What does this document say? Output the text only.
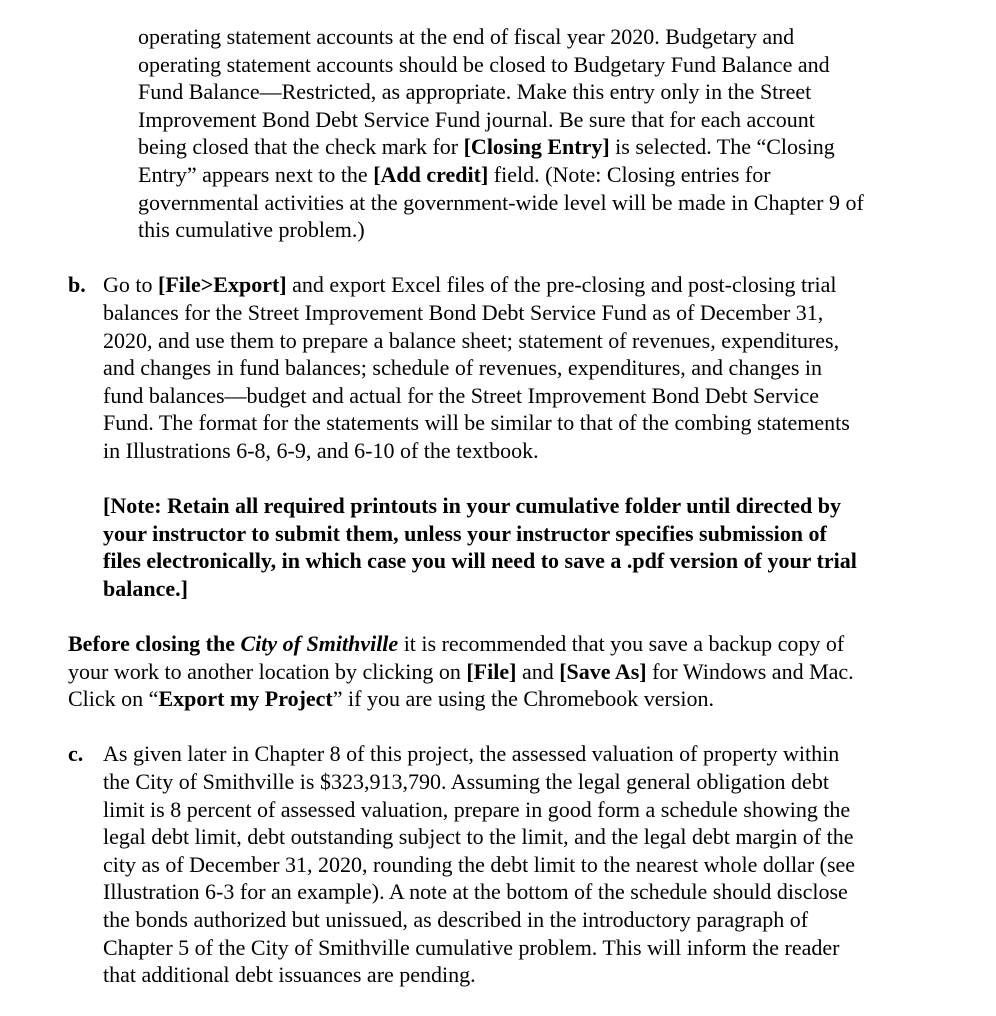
operating statement accounts at the end of fiscal year 2020. Budgetary and
operating statement accounts should be closed to Budgetary Fund Balance and
Fund Balance—Restricted, as appropriate. Make this entry only in the Street
Improvement Bond Debt Service Fund journal. Be sure that for each account
being closed that the check mark for [Closing Entry] is selected. The “Closing
Entry” appears next to the [Add credit] field. (Note: Closing entries for
governmental activities at the government-wide level will be made in Chapter 9 of
this cumulative problem.)
b. Go to [File>Export] and export Excel files of the pre-closing and post-closing trial
balances for the Street Improvement Bond Debt Service Fund as of December 31,
2020, and use them to prepare a balance sheet; statement of revenues, expenditures,
and changes in fund balances; schedule of revenues, expenditures, and changes in
fund balances—budget and actual for the Street Improvement Bond Debt Service
Fund. The format for the statements will be similar to that of the combing statements
in Illustrations 6-8, 6-9, and 6-10 of the textbook.
[Note: Retain all required printouts in your cumulative folder until directed by
your instructor to submit them, unless your instructor specifies submission of
files electronically, in which case you will need to save a .pdf version of your trial
balance.]
Before closing the City of Smithville it is recommended that you save a backup copy of
your work to another location by clicking on [File] and [Save As] for Windows and Mac.
Click on “Export my Project” if you are using the Chromebook version.
c. As given later in Chapter 8 of this project, the assessed valuation of property within
the City of Smithville is $323,913,790. Assuming the legal general obligation debt
limit is 8 percent of assessed valuation, prepare in good form a schedule showing the
legal debt limit, debt outstanding subject to the limit, and the legal debt margin of the
city as of December 31, 2020, rounding the debt limit to the nearest whole dollar (see
Illustration 6-3 for an example). A note at the bottom of the schedule should disclose
the bonds authorized but unissued, as described in the introductory paragraph of
Chapter 5 of the City of Smithville cumulative problem. This will inform the reader
that additional debt issuances are pending.
